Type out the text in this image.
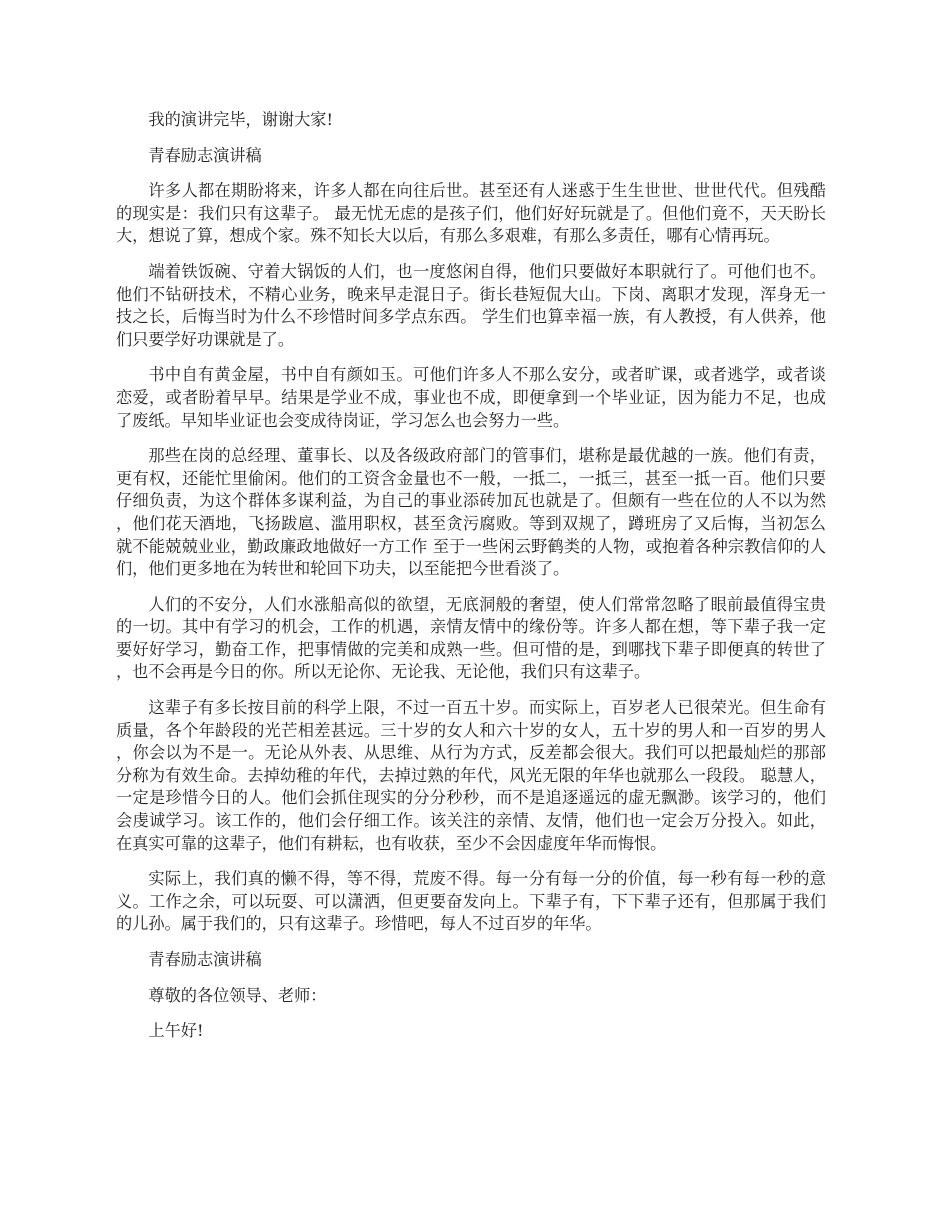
我的演讲完毕，谢谢大家!

青春励志演讲稿

许多人都在期盼将来，许多人都在向往后世。甚至还有人迷惑于生生世世、世世代代。但残酷的现实是：我们只有这辈子。 最无忧无虑的是孩子们，他们好好玩就是了。但他们竟不，天天盼长大，想说了算，想成个家。殊不知长大以后，有那么多艰难，有那么多责任，哪有心情再玩。

端着铁饭碗、守着大锅饭的人们，也一度悠闲自得，他们只要做好本职就行了。可他们也不。他们不钻研技术，不精心业务，晚来早走混日子。街长巷短侃大山。下岗、离职才发现，浑身无一技之长，后悔当时为什么不珍惜时间多学点东西。 学生们也算幸福一族，有人教授，有人供养，他们只要学好功课就是了。

书中自有黄金屋，书中自有颜如玉。可他们许多人不那么安分，或者旷课，或者逃学，或者谈恋爱，或者盼着早早。结果是学业不成，事业也不成，即便拿到一个毕业证，因为能力不足，也成了废纸。早知毕业证也会变成待岗证，学习怎么也会努力一些。

那些在岗的总经理、董事长、以及各级政府部门的管事们，堪称是最优越的一族。他们有责，更有权，还能忙里偷闲。他们的工资含金量也不一般，一抵二，一抵三，甚至一抵一百。他们只要仔细负责，为这个群体多谋利益，为自己的事业添砖加瓦也就是了。但颇有一些在位的人不以为然，他们花天酒地，飞扬跋扈、滥用职权，甚至贪污腐败。等到双规了，蹲班房了又后悔，当初怎么就不能兢兢业业，勤政廉政地做好一方工作 至于一些闲云野鹤类的人物，或抱着各种宗教信仰的人们，他们更多地在为转世和轮回下功夫，以至能把今世看淡了。

人们的不安分，人们水涨船高似的欲望，无底洞般的奢望，使人们常常忽略了眼前最值得宝贵的一切。其中有学习的机会，工作的机遇，亲情友情中的缘份等。许多人都在想，等下辈子我一定要好好学习，勤奋工作，把事情做的完美和成熟一些。但可惜的是，到哪找下辈子即便真的转世了，也不会再是今日的你。所以无论你、无论我、无论他，我们只有这辈子。

这辈子有多长按目前的科学上限，不过一百五十岁。而实际上，百岁老人已很荣光。但生命有质量，各个年龄段的光芒相差甚远。三十岁的女人和六十岁的女人，五十岁的男人和一百岁的男人，你会以为不是一。无论从外表、从思维、从行为方式，反差都会很大。我们可以把最灿烂的那部分称为有效生命。去掉幼稚的年代，去掉过熟的年代，风光无限的年华也就那么一段段。 聪慧人，一定是珍惜今日的人。他们会抓住现实的分分秒秒，而不是追逐遥远的虚无飘渺。该学习的，他们会虔诚学习。该工作的，他们会仔细工作。该关注的亲情、友情，他们也一定会万分投入。如此，在真实可靠的这辈子，他们有耕耘，也有收获，至少不会因虚度年华而悔恨。

实际上，我们真的懒不得，等不得，荒废不得。每一分有每一分的价值，每一秒有每一秒的意义。工作之余，可以玩耍、可以潇洒，但更要奋发向上。下辈子有，下下辈子还有，但那属于我们的儿孙。属于我们的，只有这辈子。珍惜吧，每人不过百岁的年华。

青春励志演讲稿

尊敬的各位领导、老师：

上午好!
